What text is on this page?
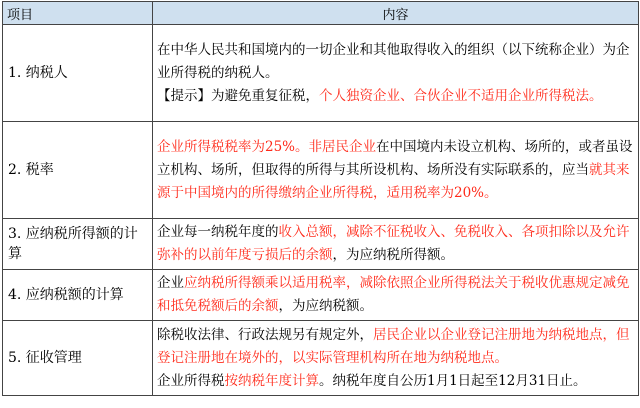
项目	内容
1. 纳税人	在中华人民共和国境内的一切企业和其他取得收入的组织（以下统称企业）为企业所得税的纳税人。
【提示】为避免重复征税，个人独资企业、合伙企业不适用企业所得税法。

2. 税率	企业所得税税率为25%。非居民企业在中国境内未设立机构、场所的，或者虽设立机构、场所，但取得的所得与其所设机构、场所没有实际联系的，应当就其来源于中国境内的所得缴纳企业所得税，适用税率为20%。

3. 应纳税所得额的计算	企业每一纳税年度的收入总额，减除不征税收入、免税收入、各项扣除以及允许弥补的以前年度亏损后的余额，为应纳税所得额。

4. 应纳税额的计算	企业应纳税所得额乘以适用税率，减除依照企业所得税法关于税收优惠规定减免和抵免税额后的余额，为应纳税额。

5. 征收管理	除税收法律、行政法规另有规定外，居民企业以企业登记注册地为纳税地点，但登记注册地在境外的，以实际管理机构所在地为纳税地点。
企业所得税按纳税年度计算。纳税年度自公历1月1日起至12月31日止。
